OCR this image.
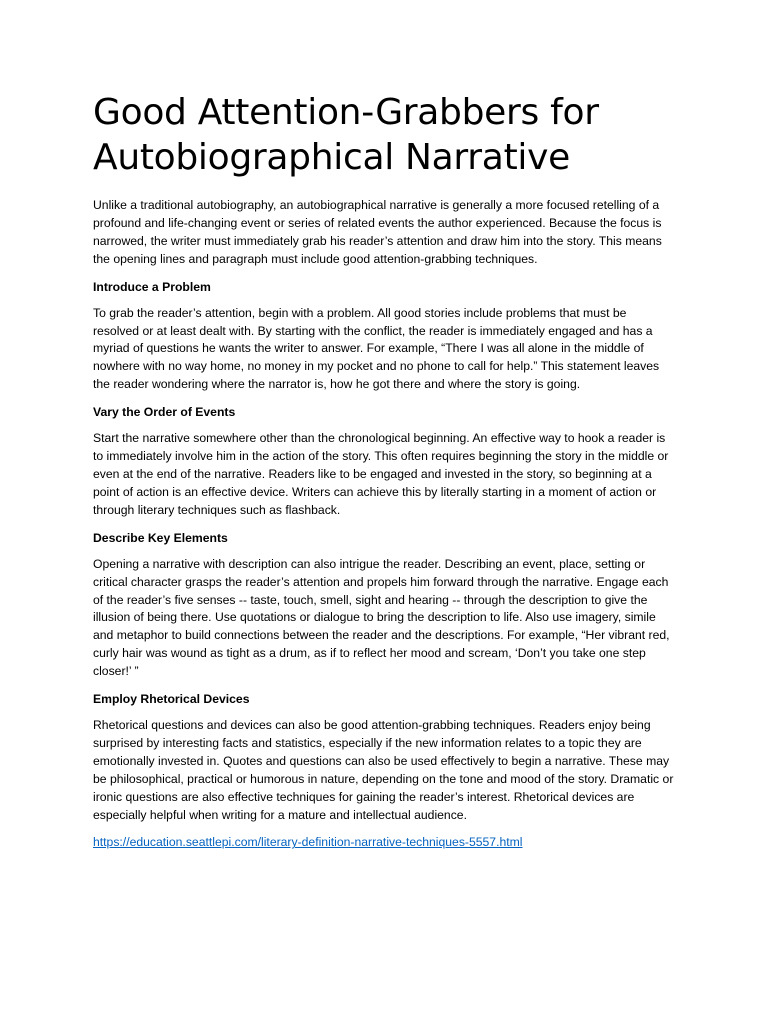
Good Attention-Grabbers for Autobiographical Narrative

Unlike a traditional autobiography, an autobiographical narrative is generally a more focused retelling of a profound and life-changing event or series of related events the author experienced. Because the focus is narrowed, the writer must immediately grab his reader’s attention and draw him into the story. This means the opening lines and paragraph must include good attention-grabbing techniques.

Introduce a Problem

To grab the reader’s attention, begin with a problem. All good stories include problems that must be resolved or at least dealt with. By starting with the conflict, the reader is immediately engaged and has a myriad of questions he wants the writer to answer. For example, “There I was all alone in the middle of nowhere with no way home, no money in my pocket and no phone to call for help.” This statement leaves the reader wondering where the narrator is, how he got there and where the story is going.

Vary the Order of Events

Start the narrative somewhere other than the chronological beginning. An effective way to hook a reader is to immediately involve him in the action of the story. This often requires beginning the story in the middle or even at the end of the narrative. Readers like to be engaged and invested in the story, so beginning at a point of action is an effective device. Writers can achieve this by literally starting in a moment of action or through literary techniques such as flashback.

Describe Key Elements

Opening a narrative with description can also intrigue the reader. Describing an event, place, setting or critical character grasps the reader’s attention and propels him forward through the narrative. Engage each of the reader’s five senses -- taste, touch, smell, sight and hearing -- through the description to give the illusion of being there. Use quotations or dialogue to bring the description to life. Also use imagery, simile and metaphor to build connections between the reader and the descriptions. For example, “Her vibrant red, curly hair was wound as tight as a drum, as if to reflect her mood and scream, ‘Don’t you take one step closer!’ ”

Employ Rhetorical Devices

Rhetorical questions and devices can also be good attention-grabbing techniques. Readers enjoy being surprised by interesting facts and statistics, especially if the new information relates to a topic they are emotionally invested in. Quotes and questions can also be used effectively to begin a narrative. These may be philosophical, practical or humorous in nature, depending on the tone and mood of the story. Dramatic or ironic questions are also effective techniques for gaining the reader’s interest. Rhetorical devices are especially helpful when writing for a mature and intellectual audience.

https://education.seattlepi.com/literary-definition-narrative-techniques-5557.html
